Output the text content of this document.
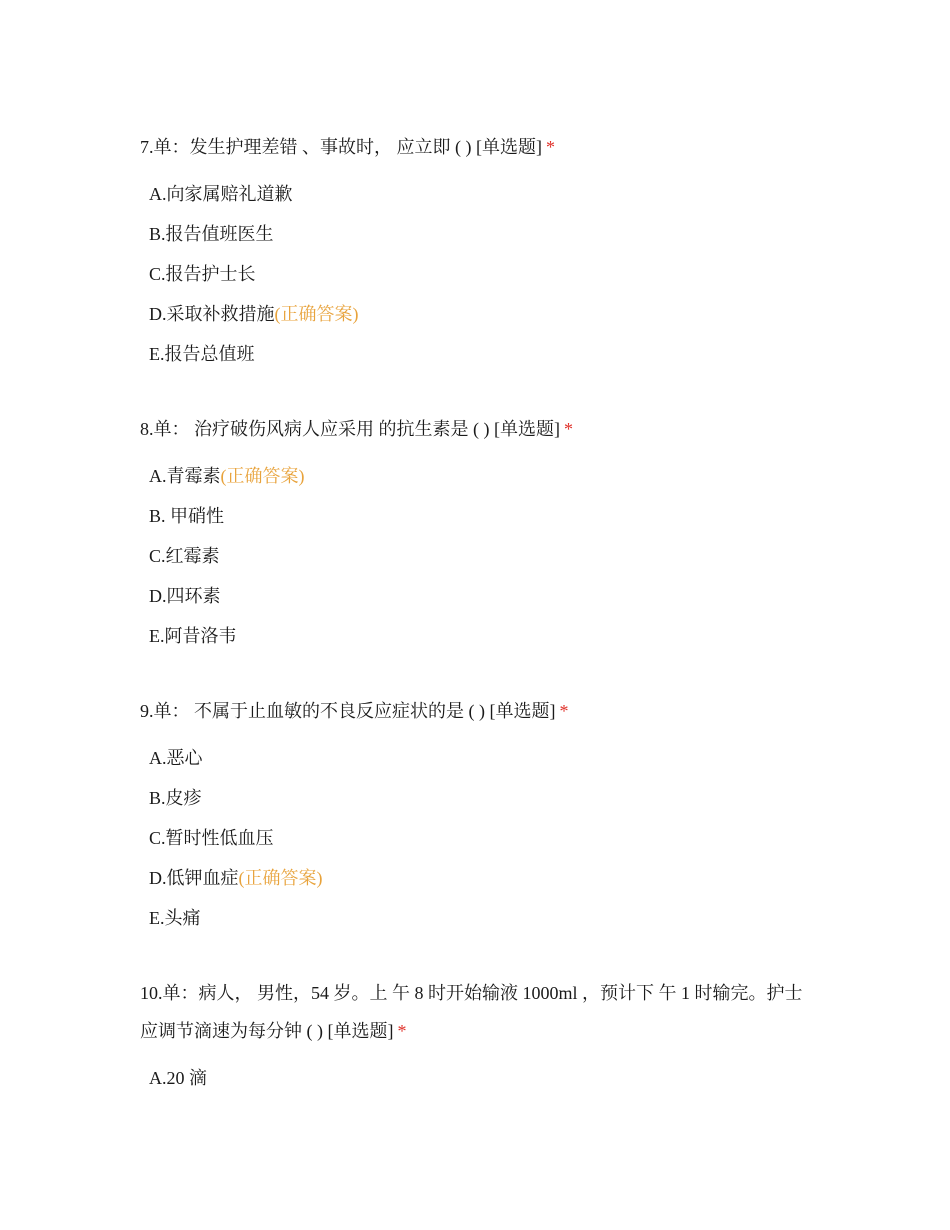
7.单：发生护理差错 、事故时， 应立即 ( ) [单选题] *

A.向家属赔礼道歉
B.报告值班医生
C.报告护士长
D.采取补救措施(正确答案)
E.报告总值班

8.单： 治疗破伤风病人应采用 的抗生素是 ( ) [单选题] *

A.青霉素(正确答案)
B. 甲硝性
C.红霉素
D.四环素
E.阿昔洛韦

9.单： 不属于止血敏的不良反应症状的是 ( ) [单选题] *

A.恶心
B.皮疹
C.暂时性低血压
D.低钾血症(正确答案)
E.头痛

10.单：病人， 男性，54 岁。上 午 8 时开始输液 1000ml ，预计下 午 1 时输完。护士应调节滴速为每分钟 ( ) [单选题] *

A.20 滴
